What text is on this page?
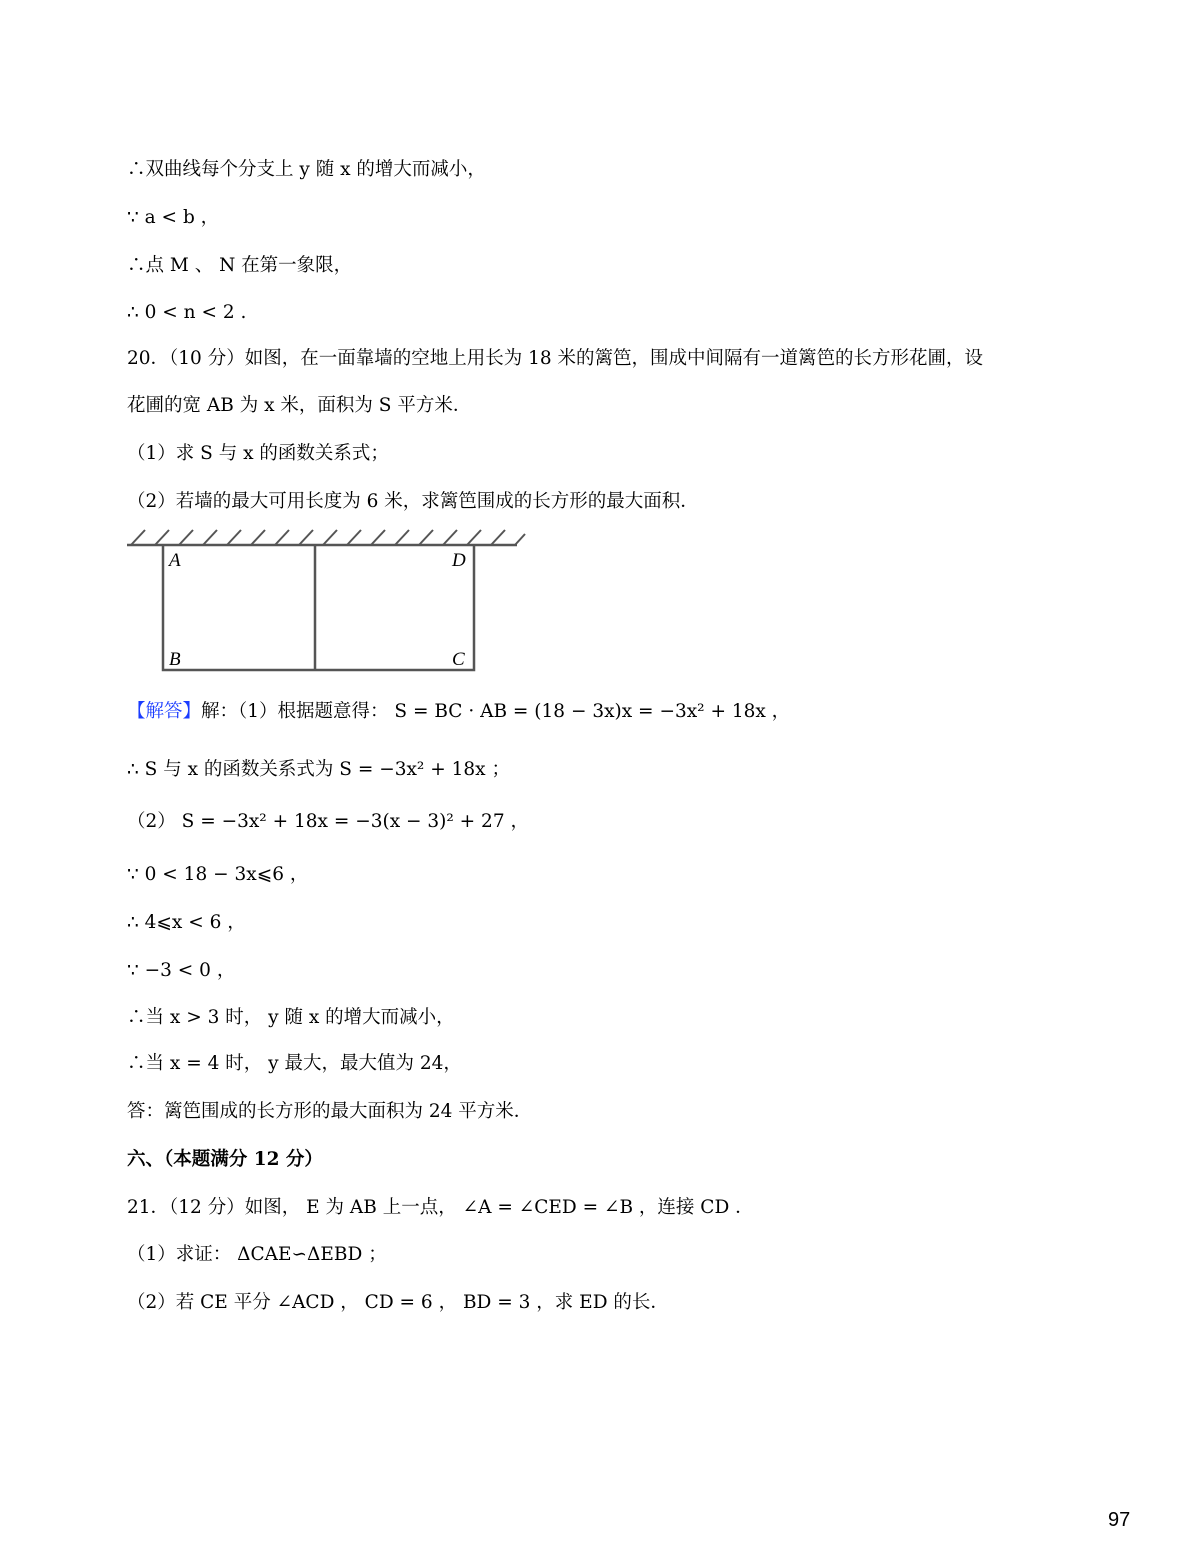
∴双曲线每个分支上 y 随 x 的增大而减小，
∵ a < b ，
∴点 M 、 N 在第一象限，
∴ 0 < n < 2 .
20．（10 分）如图，在一面靠墙的空地上用长为 18 米的篱笆，围成中间隔有一道篱笆的长方形花圃，设
花圃的宽 AB 为 x 米，面积为 S 平方米．
（1）求 S 与 x 的函数关系式；
（2）若墙的最大可用长度为 6 米，求篱笆围成的长方形的最大面积．
A
B	C
D
【解答】解：（1）根据题意得： S = BC · AB = (18 − 3x)x = −3x² + 18x ，
∴ S 与 x 的函数关系式为 S = −3x² + 18x ；
（2） S = −3x² + 18x = −3(x − 3)² + 27 ，
∵ 0 < 18 − 3x⩽6 ，
∴ 4⩽x < 6 ，
∵ −3 < 0 ，
∴当 x > 3 时， y 随 x 的增大而减小，
∴当 x = 4 时， y 最大，最大值为 24，
答：篱笆围成的长方形的最大面积为 24 平方米．
六、（本题满分 12 分）
21．（12 分）如图， E 为 AB 上一点， ∠A = ∠CED = ∠B ，连接 CD ．
（1）求证： ΔCAE∽ΔEBD ；
（2）若 CE 平分 ∠ACD ， CD = 6 ， BD = 3 ，求 ED 的长．
97
